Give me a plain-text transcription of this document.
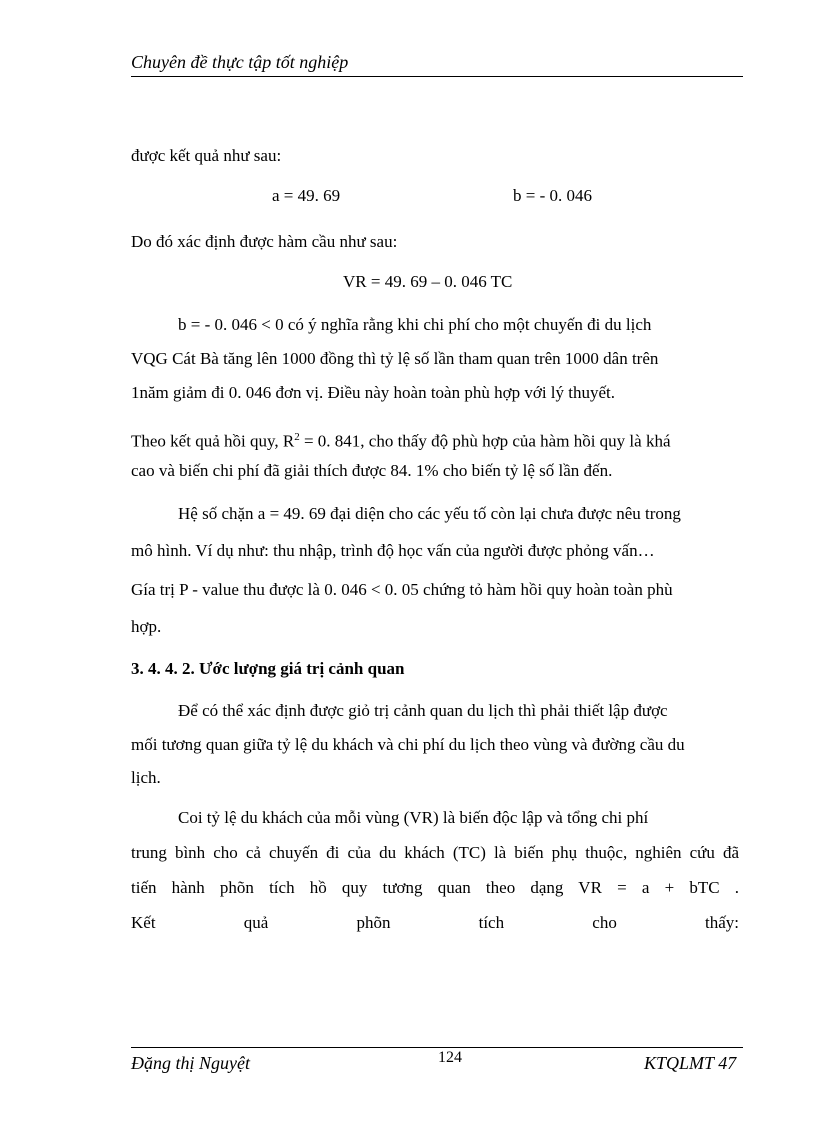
Chuyên đề thực tập tốt nghiệp
được kết quả như sau:
a = 49. 69	b = - 0. 046
Do đó xác định được hàm cầu như sau:
VR = 49. 69 – 0. 046 TC
b = - 0. 046 < 0 có ý nghĩa rằng khi chi phí cho một chuyến đi du lịch
VQG Cát Bà tăng lên 1000 đồng thì tỷ lệ số lần tham quan trên 1000 dân trên
1năm giảm đi 0. 046 đơn vị. Điều này hoàn toàn phù hợp với lý thuyết.
Theo kết quả hồi quy, $R^2 = 0$. 841, cho thấy độ phù hợp của hàm hồi quy là khá
cao và biến chi phí đã giải thích được 84. 1% cho biến tỷ lệ số lần đến.
Hệ số chặn a = 49. 69 đại diện cho các yếu tố còn lại chưa được nêu trong
mô hình. Ví dụ như: thu nhập, trình độ học vấn của người được phỏng vấn…
Gía trị P - value thu được là 0. 046 < 0. 05 chứng tỏ hàm hồi quy hoàn toàn phù
hợp.
3. 4. 4. 2. Ước lượng giá trị cảnh quan
Để có thể xác định được giỏ trị cảnh quan du lịch thì phải thiết lập được
mối tương quan giữa tỷ lệ du khách và chi phí du lịch theo vùng và đường cầu du
lịch.
Coi tỷ lệ du khách của mỗi vùng (VR) là biến độc lập và tổng chi phí
trung bình cho cả chuyến đi của du khách (TC) là biến phụ thuộc, nghiên cứu đã
tiến hành phõn tích hồ quy tương quan theo dạng VR = a + bTC .
Kết quả phõn tích cho thấy:
Đặng thị Nguyệt	124	KTQLMT 47
